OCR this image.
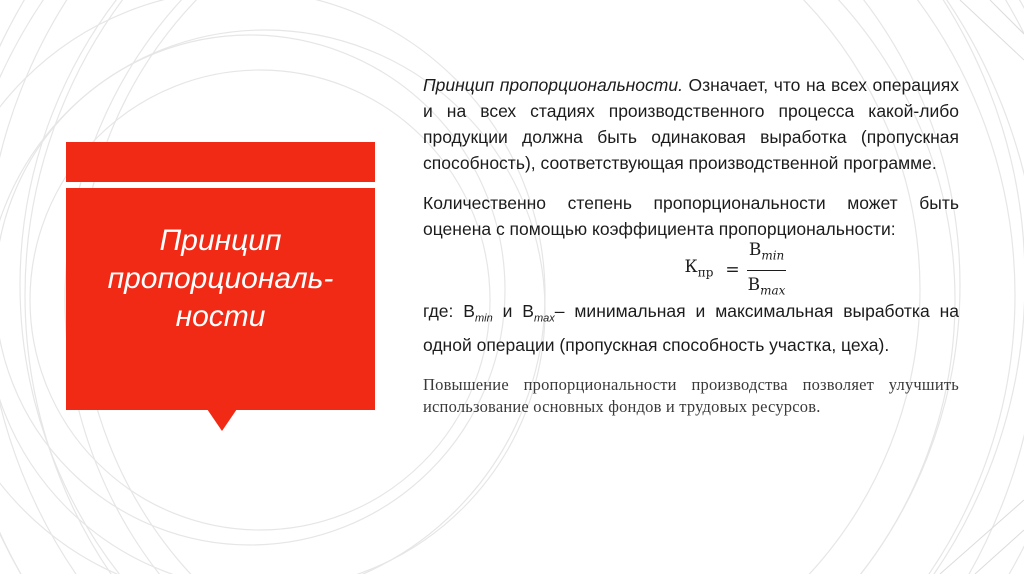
Принцип
пропорциональ-
ности

Принцип пропорциональности. Означает, что на всех операциях и на всех стадиях производственного процесса какой-либо продукции должна быть одинаковая выработка (пропускная способность), соответствующая производственной программе.

Количественно степень пропорциональности может быть оценена с помощью коэффициента пропорциональности:

$К_{пр} = \frac{B_{min}}{B_{max}}$

где: $В_{min}$ и $В_{max}-$ минимальная и максимальная выработка на одной операции (пропускная способность участка, цеха).

Повышение пропорциональности производства позволяет улучшить использование основных фондов и трудовых ресурсов.
